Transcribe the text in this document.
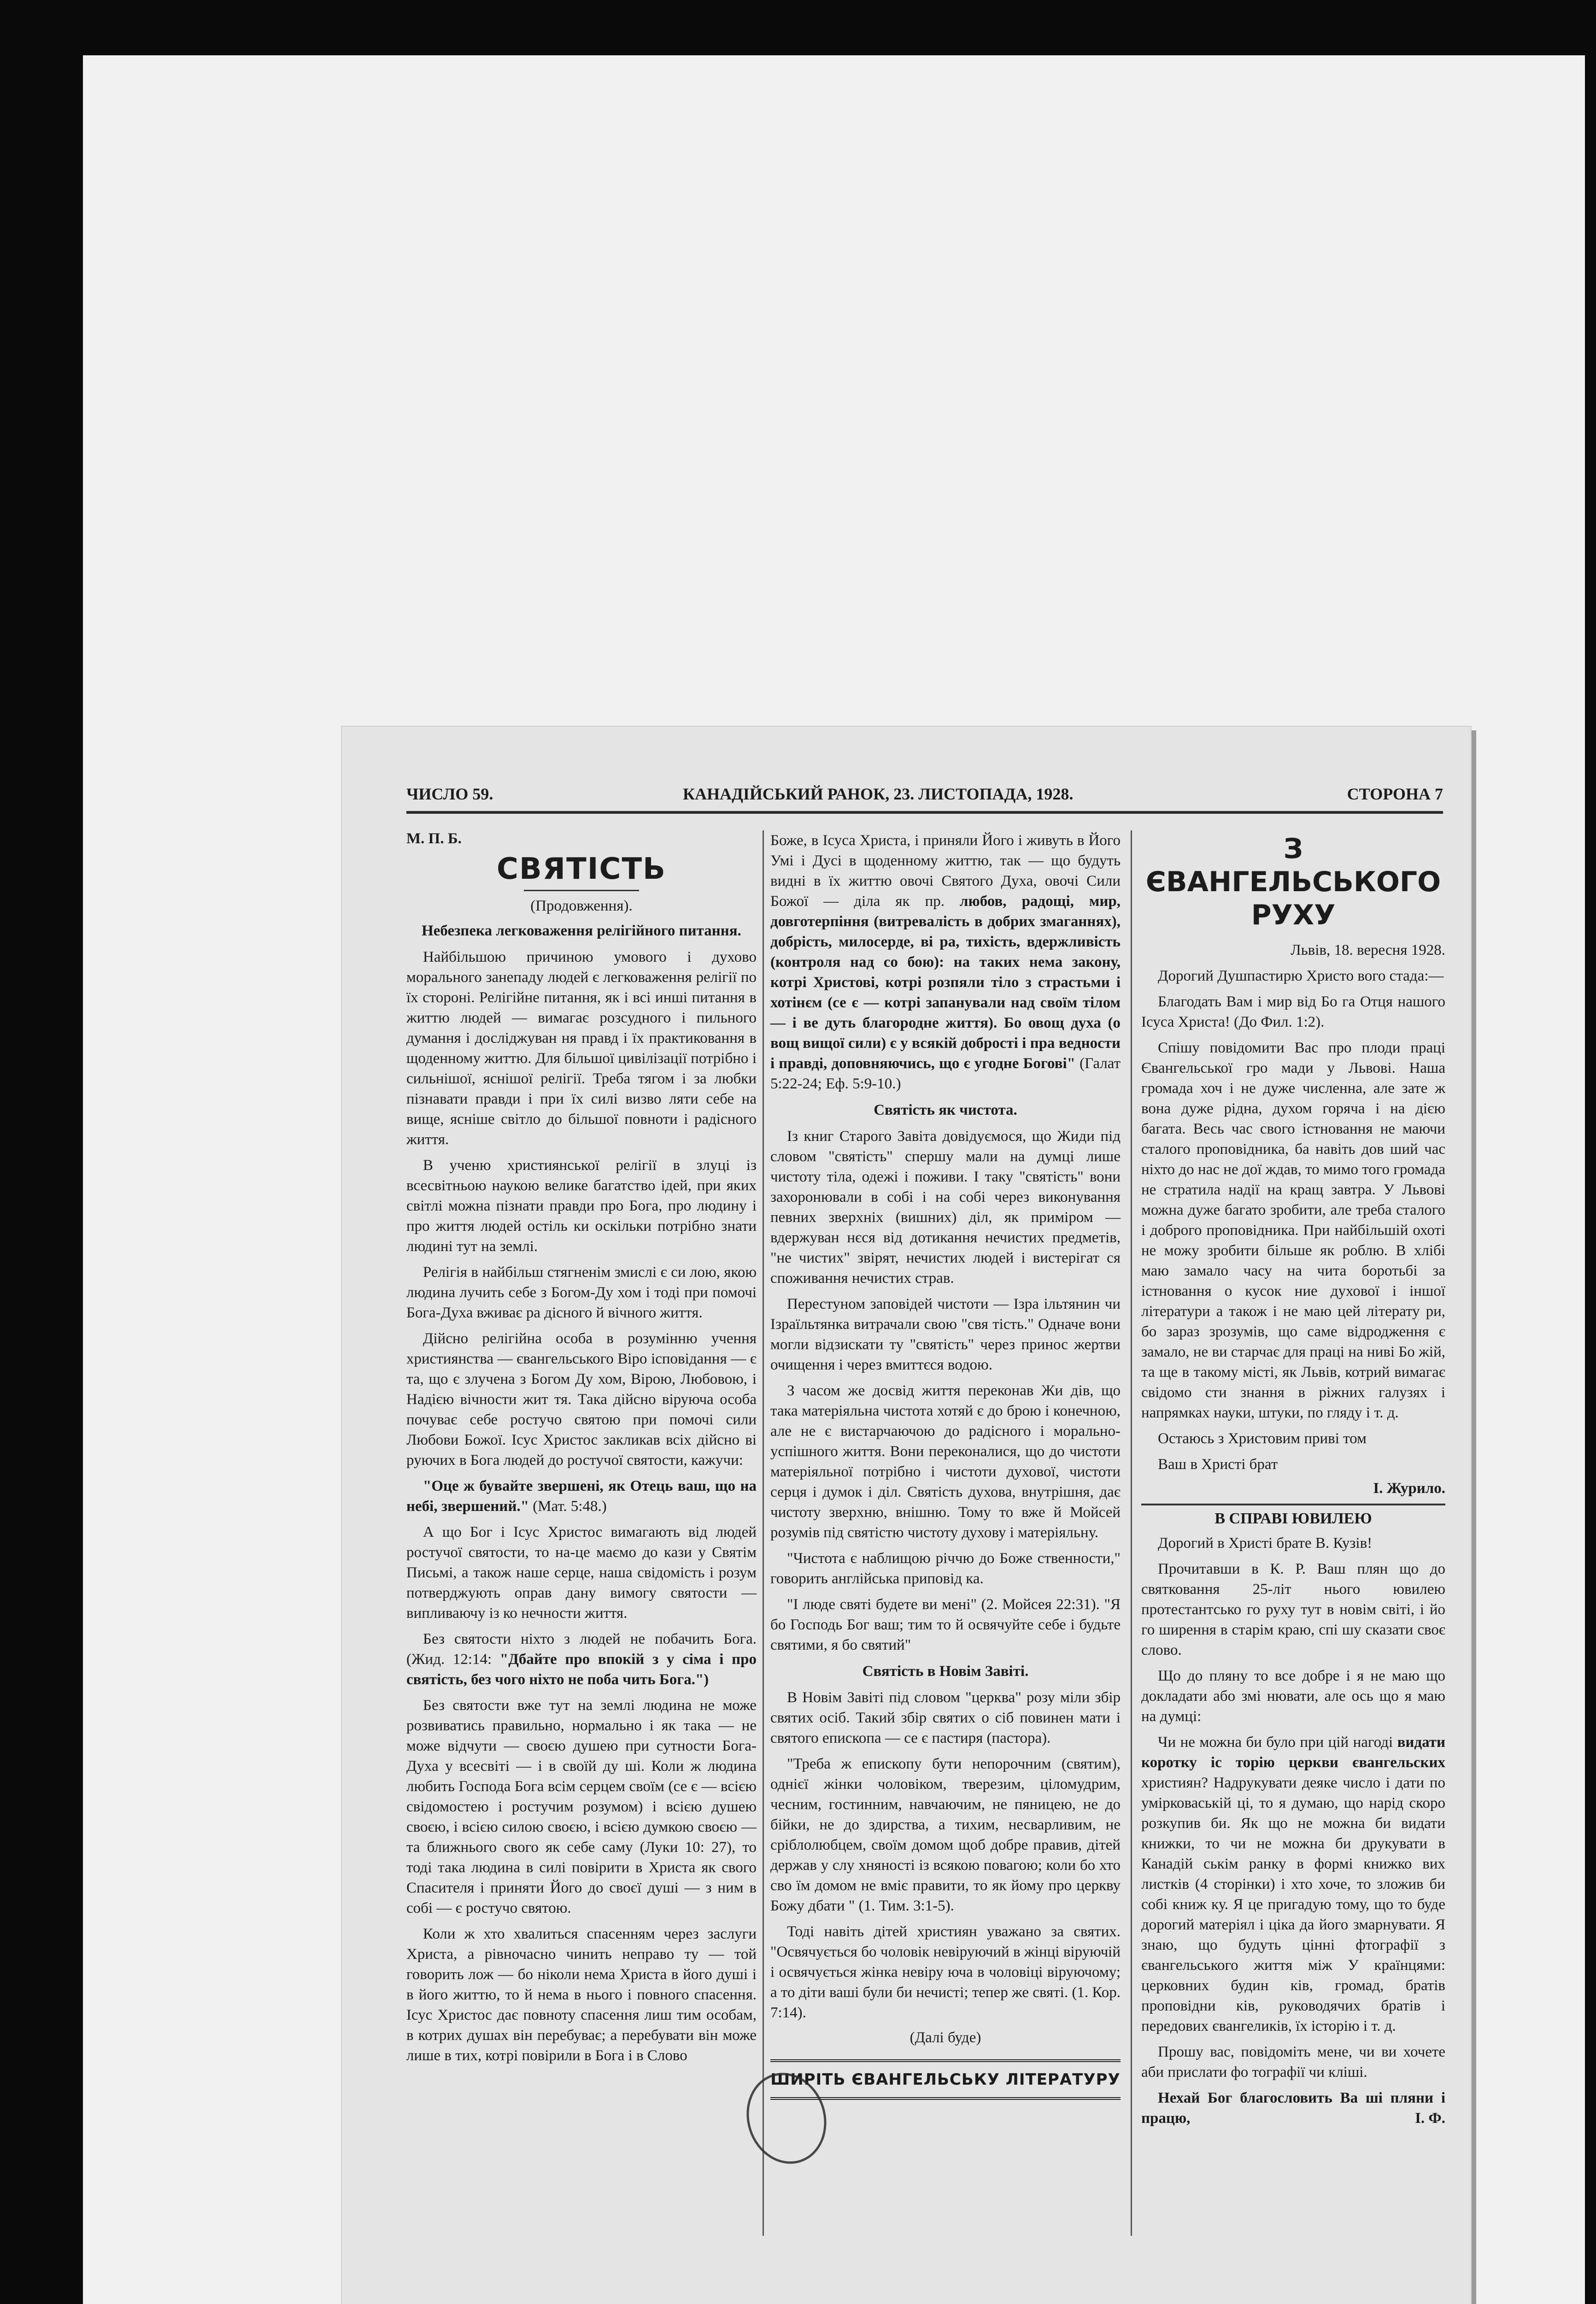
ЧИСЛО 59.	КАНАДІЙСЬКИЙ РАНОК, 23. ЛИСТОПАДА, 1928.	СТОРОНА 7
М. П. Б.
СВЯТІСТЬ
(Продовження).
Небезпека легковаження релігійного питання.

Найбільшою причиною умового і духово морального занепаду людей є легковаження релігії по їх стороні. Релігійне питання, як і всі инші питання в життю людей — вимагає розсудного і пильного думання і досліджуван ня правд і їх практиковання в щоденному життю. Для більшої цивілізації потрібно і сильнішої, яснішої релігії. Треба тягом і за любки пізнавати правди і при їх силі визво ляти себе на вище, ясніше світло до більшої повноти і радісного життя.

В ученю християнської релігії в злуці із всесвітньою наукою велике багатство ідей, при яких світлі можна пізнати правди про Бога, про людину і про життя людей остіль ки оскільки потрібно знати людині тут на землі.

Релігія в найбільш стягненім змислі є си лою, якою людина лучить себе з Богом-Ду хом і тоді при помочі Бога-Духа вживає ра дісного й вічного життя.

Дійсно релігійна особа в розумінню учення християнства — євангельського Віро ісповідання — є та, що є злучена з Богом Ду хом, Вірою, Любовою, і Надією вічности жит тя. Така дійсно віруюча особа почуває себе ростучо святою при помочі сили Любови Божої. Ісус Христос закликав всіх дійсно ві руючих в Бога людей до ростучої святости, кажучи:

"Оце ж бувайте звершені, як Отець ваш, що на небі, звершений." (Мат. 5:48.)

А що Бог і Ісус Христос вимагають від людей ростучої святости, то на-це маємо до кази у Святім Письмі, а також наше серце, наша свідомість і розум потверджують оправ дану вимогу святости — випливаючу із ко нечности життя.

Без святости ніхто з людей не побачить Бога. (Жид. 12:14: "Дбайте про впокій з у сіма і про святість, без чого ніхто не поба чить Бога.")

Без святости вже тут на землі людина не може розвиватись правильно, нормально і як така — не може відчути — своєю душею при сутности Бога-Духа у всесвіті — і в своїй ду ші. Коли ж людина любить Господа Бога всім серцем своїм (се є — всією свідомостею і ростучим розумом) і всією душею своєю, і всією силою своєю, і всією думкою своєю — та ближнього свого як себе саму (Луки 10: 27), то тоді така людина в силі повірити в Христа як свого Спасителя і приняти Його до своєї душі — з ним в собі — є ростучо святою.

Коли ж хто хвалиться спасенням через заслуги Христа, а рівночасно чинить неправо ту — той говорить лож — бо ніколи нема Христа в його душі і в його життю, то й нема в нього і повного спасення. Ісус Христос дає повноту спасення лиш тим особам, в котрих душах він перебуває; а перебувати він може лише в тих, котрі повірили в Бога і в Слово

Боже, в Ісуса Христа, і приняли Його і живуть в Його Умі і Дусі в щоденному життю, так — що будуть видні в їх життю овочі Святого Духа, овочі Сили Божої — діла як пр. любов, радощі, мир, довготерпіння (витревалість в добрих змаганнях), добрість, милосерде, ві ра, тихість, вдержливість (контроля над со бою): на таких нема закону, котрі Христові, котрі розпяли тіло з страстьми і хотінєм (се є — котрі запанували над своїм тілом — і ве дуть благородне життя). Бо овощ духа (о вощ вищої сили) є у всякій доброcті і пра ведности і правді, доповняючись, що є угодне Богові" (Галат 5:22-24; Еф. 5:9-10.)

Святість як чистота.

Із книг Старого Завіта довідуємося, що Жиди під словом "святість" спершу мали на думці лише чистоту тіла, одежі і поживи. І таку "святість" вони захоронювали в собі і на собі через виконування певних зверхніх (вишних) діл, як приміром — вдержуван нєся від дотикання нечистих предметів, "не чистих" звірят, нечистих людей і вистерігат ся споживання нечистих страв.

Перестуном заповідей чистоти — Ізра ільтянин чи Ізраїльтянка витрачали свою "свя тість." Одначе вони могли відзискати ту "святість" через принос жертви очищення і через вмиттєся водою.

З часом же досвід життя переконав Жи дів, що така матеріяльна чистота хотяй є до брою і конечною, але не є вистарчаючою до радісного і морально-успішного життя. Вони переконалися, що до чистоти матеріяльної потрібно і чистоти духової, чистоти серця і думок і діл. Святість духова, внутрішня, дає чистоту зверхню, внішню. Тому то вже й Мойсей розумів під святістю чистоту духову і матеріяльну.

"Чистота є наблищою річчю до Боже ственности," говорить англійська приповід ка.

"І люде святі будете ви мені" (2. Мойсея 22:31). "Я бо Господь Бог ваш; тим то й освячуйте себе і будьте святими, я бо святий"

Святість в Новім Завіті.

В Новім Завіті під словом "церква" розу міли збір святих осіб. Такий збір святих о сіб повинен мати і святого епископа — се є пастиря (пастора).

"Треба ж епископу бути непорочним (святим), однієї жінки чоловіком, тверезим, ціломудрим, чесним, гостинним, навчаючим, не пяницею, не до бійки, не до здирства, а тихим, несварливим, не сріблолюбцем, своїм домом щоб добре правив, дітей держав у слу хняності із всякою повагою; коли бо хто сво їм домом не вміє правити, то як йому про церкву Божу дбати " (1. Тим. 3:1-5).

Тоді навіть дітей християн уважано за святих. "Освячується бо чоловік невіруючий в жінці віруючій і освячується жінка невіру юча в чоловіці віруючому; а то діти ваші були би нечисті; тепер же святі. (1. Кор. 7:14).

(Далі буде)
ШИРІТЬ ЄВАНГЕЛЬСЬКУ ЛІТЕРАТУРУ
З ЄВАНГЕЛЬСЬКОГО РУХУ

Львів, 18. вересня 1928.

Дорогий Душпастирю Христо вого стада:—

Благодать Вам і мир від Бо га Отця нашого Ісуса Христа! (До Фил. 1:2).

Спішу повідомити Вас про плоди праці Євангельської гро мади у Львові. Наша громада хоч і не дуже численна, але зате ж вона дуже рідна, духом горяча і на дією багата. Весь час свого істновання не маючи сталого проповідника, ба навіть дов ший час ніхто до нас не дої ждав, то мимо того громада не стратила надії на кращ завтра. У Львові можна дуже багато зробити, але треба сталого і доброго проповідника. При найбільшій охоті не можу зробити більше як роблю. В хлібі маю замало часу на чита боротьбі за істновання о кусок ние духової і іншої літератури а також і не маю цей літерату ри, бо зараз зрозумів, що саме відродження є замало, не ви старчає для праці на ниві Бо жій, та ще в такому місті, як Львів, котрий вимагає свідомо сти знання в ріжних галузях і напрямках науки, штуки, по гляду і т. д.

Остаюсь з Христовим приві том

Ваш в Христі брат

І. Журило.
В СПРАВІ ЮВИЛЕЮ

Дорогий в Христі брате В. Кузів!

Прочитавши в К. Р. Ваш плян що до святковання 25-літ нього ювилею протестантсько го руху тут в новім світі, і йо го ширення в старім краю, спі шу сказати своє слово.

Що до пляну то все добре і я не маю що докладати або змі нювати, але ось що я маю на думці:

Чи не можна би було при цій нагоді видати коротку іс торію церкви євангельских християн? Надрукувати деяке число і дати по умірковаській ці, то я думаю, що нарід скоро розкупив би. Як що не можна би видати книжки, то чи не можна би друкувати в Канадій ськім ранку в формі книжко вих листків (4 сторінки) і хто хоче, то зложив би собі книж ку. Я це пригадую тому, що то буде дорогий матеріял і ціка да його змарнувати. Я знаю, що будуть цінні фтографії з євангельського життя між У країнцями: церковних будин ків, громад, братів проповідни ків, руководячих братів і передових євангеликів, їх історію і т. д.

Прошу вас, повідоміть мене, чи ви хочете аби прислати фо тографії чи кліші.

Нехай Бог благословить Ва ші пляни і працю,	І. Ф.
